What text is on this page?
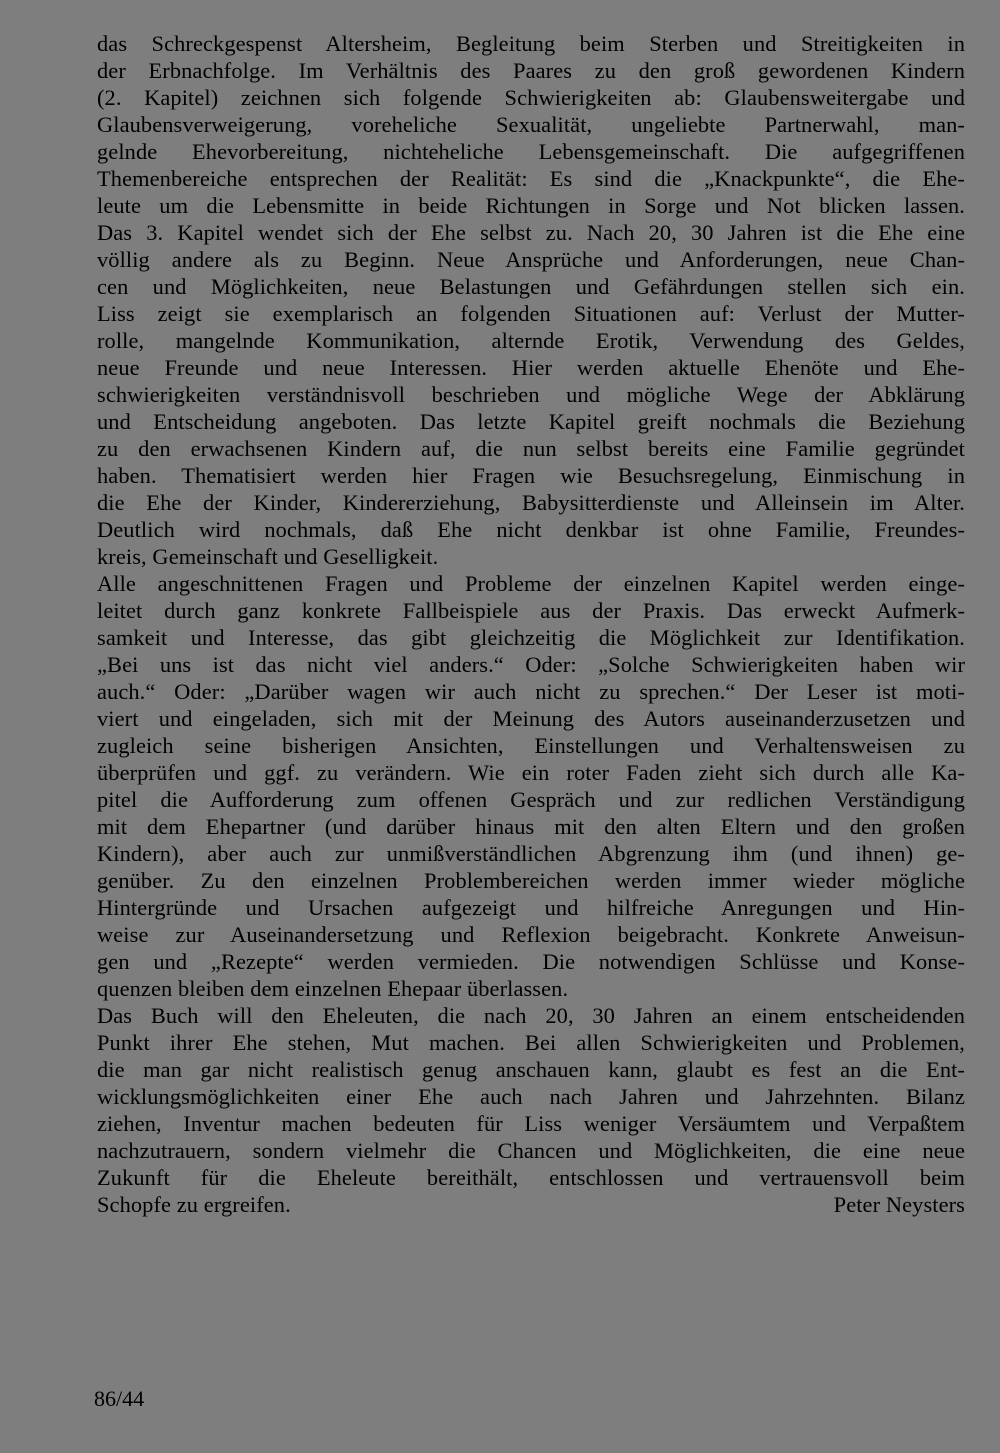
das Schreckgespenst Altersheim, Begleitung beim Sterben und Streitigkeiten in
der Erbnachfolge. Im Verhältnis des Paares zu den groß gewordenen Kindern
(2. Kapitel) zeichnen sich folgende Schwierigkeiten ab: Glaubensweitergabe und
Glaubensverweigerung, voreheliche Sexualität, ungeliebte Partnerwahl, man-
gelnde Ehevorbereitung, nichteheliche Lebensgemeinschaft. Die aufgegriffenen
Themenbereiche entsprechen der Realität: Es sind die „Knackpunkte“, die Ehe-
leute um die Lebensmitte in beide Richtungen in Sorge und Not blicken lassen.
Das 3. Kapitel wendet sich der Ehe selbst zu. Nach 20, 30 Jahren ist die Ehe eine
völlig andere als zu Beginn. Neue Ansprüche und Anforderungen, neue Chan-
cen und Möglichkeiten, neue Belastungen und Gefährdungen stellen sich ein.
Liss zeigt sie exemplarisch an folgenden Situationen auf: Verlust der Mutter-
rolle, mangelnde Kommunikation, alternde Erotik, Verwendung des Geldes,
neue Freunde und neue Interessen. Hier werden aktuelle Ehenöte und Ehe-
schwierigkeiten verständnisvoll beschrieben und mögliche Wege der Abklärung
und Entscheidung angeboten. Das letzte Kapitel greift nochmals die Beziehung
zu den erwachsenen Kindern auf, die nun selbst bereits eine Familie gegründet
haben. Thematisiert werden hier Fragen wie Besuchsregelung, Einmischung in
die Ehe der Kinder, Kindererziehung, Babysitterdienste und Alleinsein im Alter.
Deutlich wird nochmals, daß Ehe nicht denkbar ist ohne Familie, Freundes-
kreis, Gemeinschaft und Geselligkeit.
Alle angeschnittenen Fragen und Probleme der einzelnen Kapitel werden einge-
leitet durch ganz konkrete Fallbeispiele aus der Praxis. Das erweckt Aufmerk-
samkeit und Interesse, das gibt gleichzeitig die Möglichkeit zur Identifikation.
„Bei uns ist das nicht viel anders.“ Oder: „Solche Schwierigkeiten haben wir
auch.“ Oder: „Darüber wagen wir auch nicht zu sprechen.“ Der Leser ist moti-
viert und eingeladen, sich mit der Meinung des Autors auseinanderzusetzen und
zugleich seine bisherigen Ansichten, Einstellungen und Verhaltensweisen zu
überprüfen und ggf. zu verändern. Wie ein roter Faden zieht sich durch alle Ka-
pitel die Aufforderung zum offenen Gespräch und zur redlichen Verständigung
mit dem Ehepartner (und darüber hinaus mit den alten Eltern und den großen
Kindern), aber auch zur unmißverständlichen Abgrenzung ihm (und ihnen) ge-
genüber. Zu den einzelnen Problembereichen werden immer wieder mögliche
Hintergründe und Ursachen aufgezeigt und hilfreiche Anregungen und Hin-
weise zur Auseinandersetzung und Reflexion beigebracht. Konkrete Anweisun-
gen und „Rezepte“ werden vermieden. Die notwendigen Schlüsse und Konse-
quenzen bleiben dem einzelnen Ehepaar überlassen.
Das Buch will den Eheleuten, die nach 20, 30 Jahren an einem entscheidenden
Punkt ihrer Ehe stehen, Mut machen. Bei allen Schwierigkeiten und Problemen,
die man gar nicht realistisch genug anschauen kann, glaubt es fest an die Ent-
wicklungsmöglichkeiten einer Ehe auch nach Jahren und Jahrzehnten. Bilanz
ziehen, Inventur machen bedeuten für Liss weniger Versäumtem und Verpaßtem
nachzutrauern, sondern vielmehr die Chancen und Möglichkeiten, die eine neue
Zukunft für die Eheleute bereithält, entschlossen und vertrauensvoll beim
Schopfe zu ergreifen.	Peter Neysters
86/44
